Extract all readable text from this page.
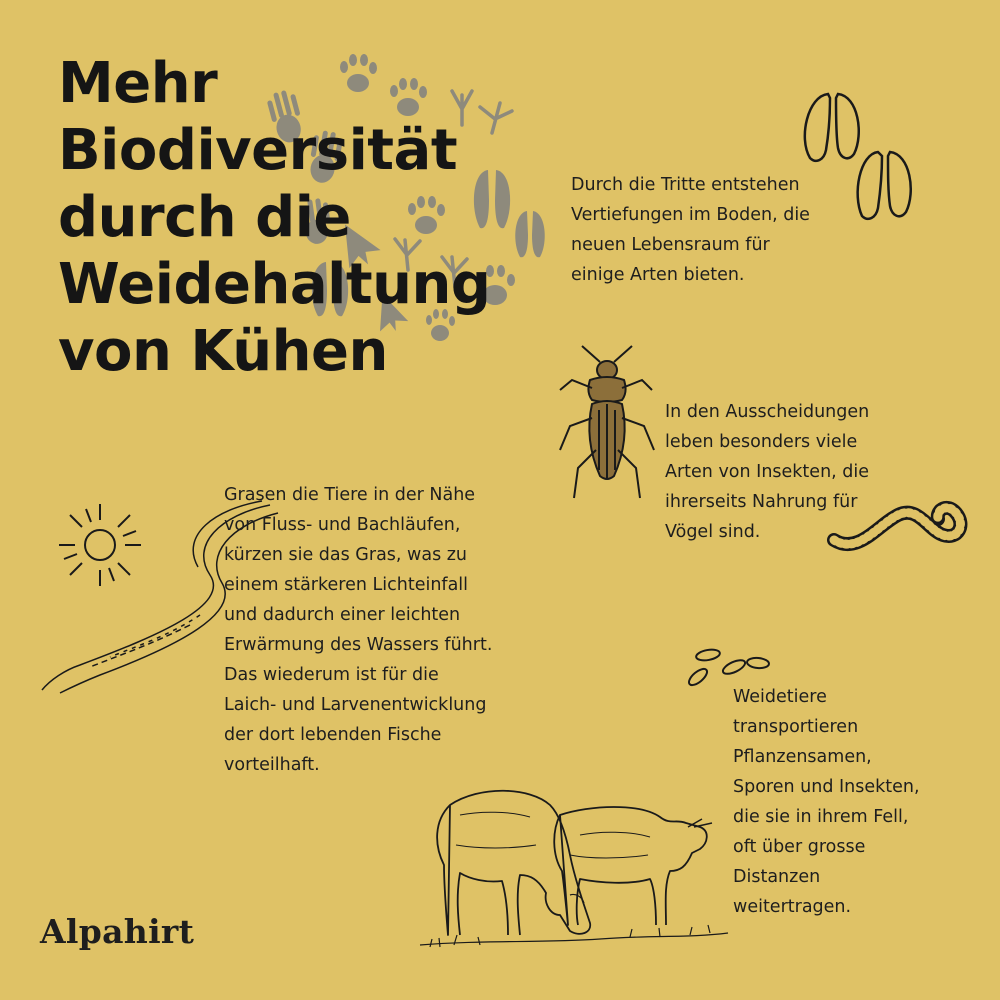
Mehr
Biodiversität
durch die
Weidehaltung
von Kühen

Durch die Tritte entstehen
Vertiefungen im Boden, die
neuen Lebensraum für
einige Arten bieten.

In den Ausscheidungen
leben besonders viele
Arten von Insekten, die
ihrerseits Nahrung für
Vögel sind.

Grasen die Tiere in der Nähe
von Fluss- und Bachläufen,
kürzen sie das Gras, was zu
einem stärkeren Lichteinfall
und dadurch einer leichten
Erwärmung des Wassers führt.
Das wiederum ist für die
Laich- und Larvenentwicklung
der dort lebenden Fische
vorteilhaft.

Weidetiere
transportieren
Pflanzensamen,
Sporen und Insekten,
die sie in ihrem Fell,
oft über grosse
Distanzen
weitertragen.

Alpahirt
